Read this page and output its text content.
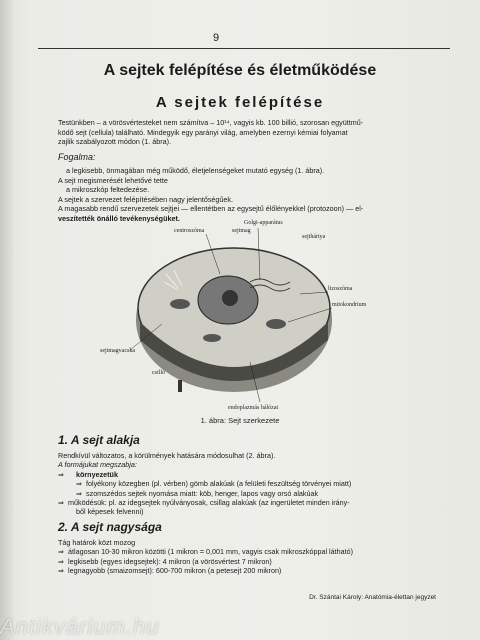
9
A sejtek felépítése és életműködése
A sejtek felépítése
Testünkben – a vörösvértesteket nem számítva – 10¹⁴, vagyis kb. 100 billió, szorosan együttmű-
ködő sejt (cellula) található. Mindegyik egy parányi világ, amelyben ezernyi kémiai folyamat
zajlik szabályozott módon (1. ábra).
Fogalma:
a legkisebb, önmagában még működő, életjelenségeket mutató egység (1. ábra).
A sejt megismerését lehetővé tette
a mikroszkóp feltedezése.
A sejtek a szervezet felépítésében nagy jelentőségűek.
A magasabb rendű szervezetek sejtjei — ellentétben az egysejtű élőlényekkel (protozoon) — el-
veszítették önálló tevékenységüket.
Golgi-apparátus
centroszóma	sejtmag
sejthártya
lizoszóma
mitokondrium
sejtmagvacska
csilló
endoplazmás hálózat
1. ábra: Sejt szerkezete
1. A sejt alakja
Rendkívül változatos, a körülmények hatására módosulhat (2. ábra).
A formájukat megszabja:
⇒ környezetük
⇒ folyékony közegben (pl. vérben) gömb alakúak (a felületi feszültség törvényei miatt)
⇒ szomszédos sejtek nyomása miatt: köb, henger, lapos vagy orsó alakúak
⇒ működésük: pl. az idegsejtek nyúlványosak, csillag alakúak (az ingerületet minden irány-
ből képesek felvenni)
2. A sejt nagysága
Tág határok közt mozog
⇒ átlagosan 10-30 mikron közötti (1 mikron = 0,001 mm, vagyis csak mikroszkóppal látható)
⇒ legkisebb (egyes idegsejtek): 4 mikron (a vörösvértest 7 mikron)
⇒ legnagyobb (smaizomsejt): 600-700 mikron (a petesejt 200 mikron)
Dr. Szántai Károly: Anatómia-élettan jegyzet
Antikvárium.hu
